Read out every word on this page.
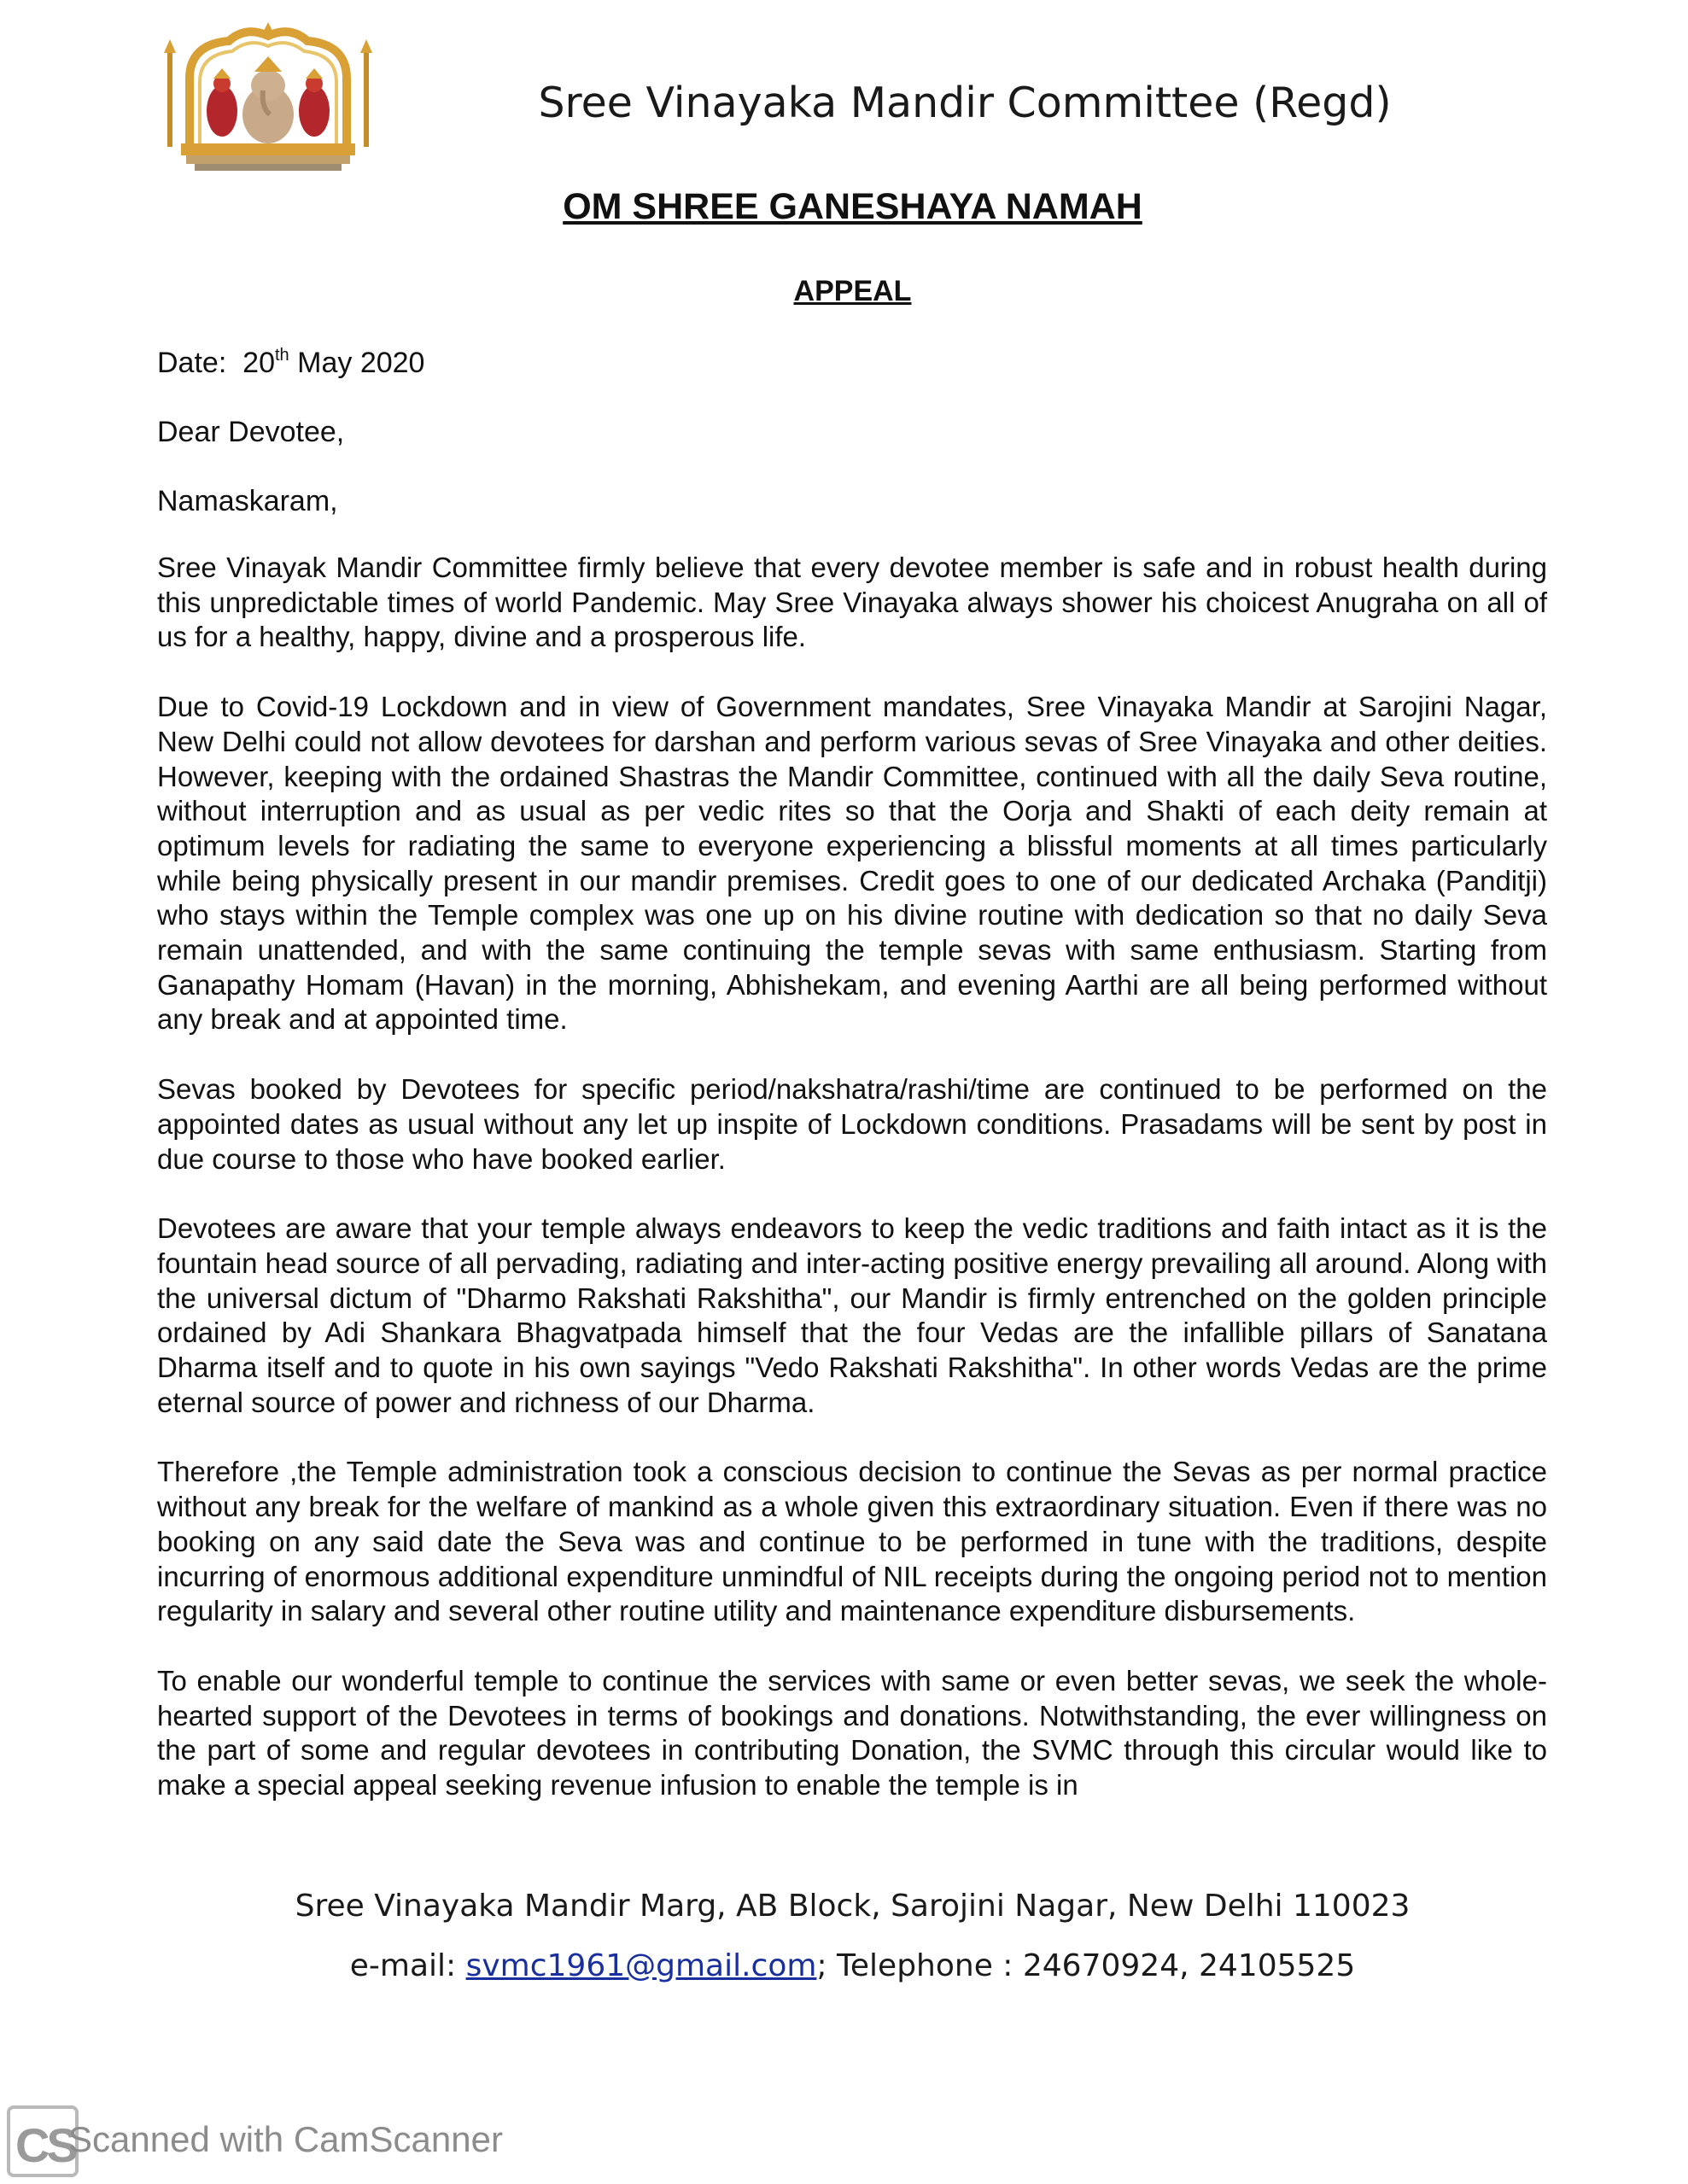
Sree Vinayaka Mandir Committee (Regd)
OM SHREE GANESHAYA NAMAH
APPEAL
Date: 20th May 2020
Dear Devotee,
Namaskaram,

Sree Vinayak Mandir Committee firmly believe that every devotee member is safe and in robust health during this unpredictable times of world Pandemic. May Sree Vinayaka always shower his choicest Anugraha on all of us for a healthy, happy, divine and a prosperous life.

Due to Covid-19 Lockdown and in view of Government mandates, Sree Vinayaka Mandir at Sarojini Nagar, New Delhi could not allow devotees for darshan and perform various sevas of Sree Vinayaka and other deities. However, keeping with the ordained Shastras the Mandir Committee, continued with all the daily Seva routine, without interruption and as usual as per vedic rites so that the Oorja and Shakti of each deity remain at optimum levels for radiating the same to everyone experiencing a blissful moments at all times particularly while being physically present in our mandir premises. Credit goes to one of our dedicated Archaka (Panditji) who stays within the Temple complex was one up on his divine routine with dedication so that no daily Seva remain unattended, and with the same continuing the temple sevas with same enthusiasm. Starting from Ganapathy Homam (Havan) in the morning, Abhishekam, and evening Aarthi are all being performed without any break and at appointed time.

Sevas booked by Devotees for specific period/nakshatra/rashi/time are continued to be performed on the appointed dates as usual without any let up inspite of Lockdown conditions. Prasadams will be sent by post in due course to those who have booked earlier.

Devotees are aware that your temple always endeavors to keep the vedic traditions and faith intact as it is the fountain head source of all pervading, radiating and inter-acting positive energy prevailing all around. Along with the universal dictum of "Dharmo Rakshati Rakshitha", our Mandir is firmly entrenched on the golden principle ordained by Adi Shankara Bhagvatpada himself that the four Vedas are the infallible pillars of Sanatana Dharma itself and to quote in his own sayings "Vedo Rakshati Rakshitha". In other words Vedas are the prime eternal source of power and richness of our Dharma.

Therefore ,the Temple administration took a conscious decision to continue the Sevas as per normal practice without any break for the welfare of mankind as a whole given this extraordinary situation. Even if there was no booking on any said date the Seva was and continue to be performed in tune with the traditions, despite incurring of enormous additional expenditure unmindful of NIL receipts during the ongoing period not to mention regularity in salary and several other routine utility and maintenance expenditure disbursements.

To enable our wonderful temple to continue the services with same or even better sevas, we seek the whole-hearted support of the Devotees in terms of bookings and donations. Notwithstanding, the ever willingness on the part of some and regular devotees in contributing Donation, the SVMC through this circular would like to make a special appeal seeking revenue infusion to enable the temple is in

Sree Vinayaka Mandir Marg, AB Block, Sarojini Nagar, New Delhi 110023
e-mail: svmc1961@gmail.com; Telephone : 24670924, 24105525
CS
Scanned with CamScanner
